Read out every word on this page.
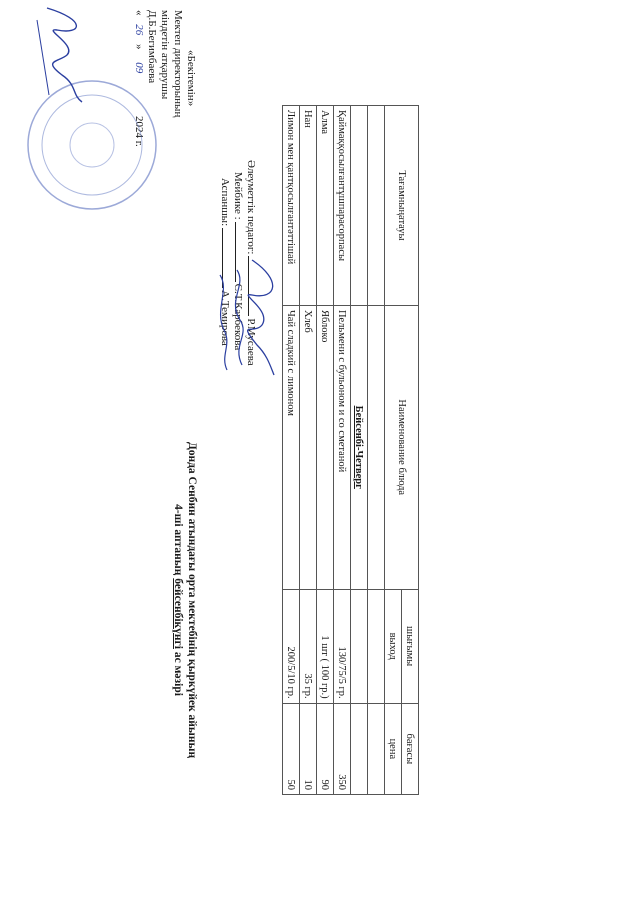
«Бекітемін»
Мектеп директорының
міндетін атқарушы
Д.Б.Бегимбаева
« 26 » 09 2024 г.
Донда Сенбин атындағы орта мектебінің қыркүйек айының
4-ші аптаның бейсенбікүнгі ас мәзірі
Тағамныңатауы	Наименование блюда	шығымы	бағасы
		выход	цена

	Бейсенбі-Четверг		
Қаймаққосылғантұшпарасорпасы	Пельмени с бульоном и со сметаной	130/75/5 гр.	350
Алма	Яблоко	1 шт ( 100 гр.)	90
Нан	Хлеб	35 гр.	10
Лимон мен қантқосылғантәттішай	Чай сладкий с лимоном	200/5/10 гр.	50
Әлеуметтік педагог:Р.Мусаева
Мейбике :С.Т.Карбекова
Аспаншы:А.Темирова
